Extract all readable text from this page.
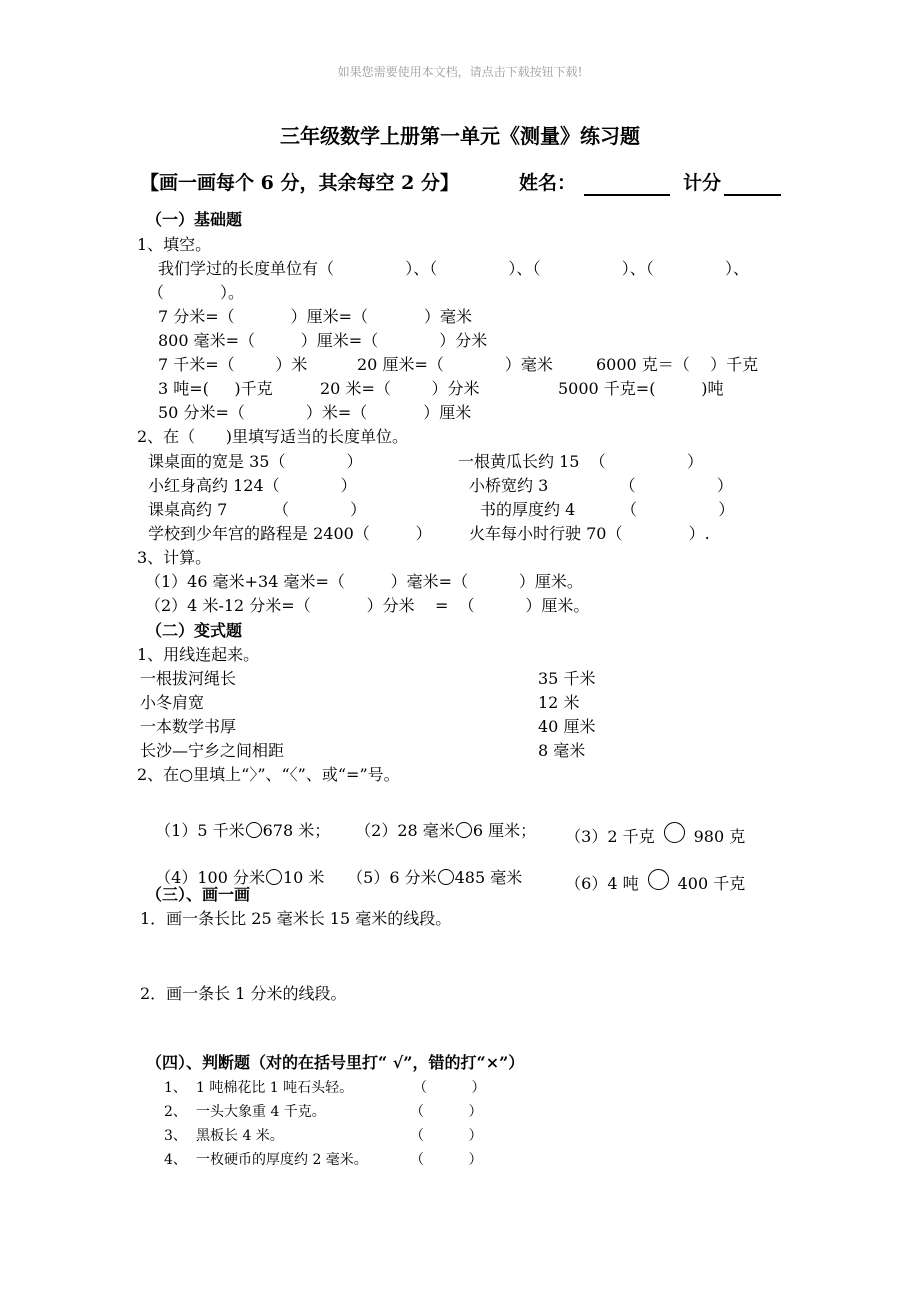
如果您需要使用本文档，请点击下载按钮下载!
三年级数学上册第一单元《测量》练习题
【画一画每个 6 分，其余每空 2 分】	姓名：	计分
（一）基础题
1、填空。
我们学过的长度单位有（              ）、（              ）、（                ）、（              ）、
（           ）。
7 分米=（           ）厘米=（           ）毫米
800 毫米=（         ）厘米=（            ）分米
7 千米=（        ）米	20 厘米=（            ）毫米	6000 克＝（    ）千克
3 吨=(     )千克	20 米=（        ）分米	5000 千克=(         )吨
50 分米=（            ）米=（           ）厘米
2、在（      )里填写适当的长度单位。
课桌面的宽是 35（            ）	一根黄瓜长约 15  （                ）
小红身高约 124（            ）	小桥宽约 3              （                ）
课桌高约 7         （            ）	书的厚度约 4         （                ）
学校到少年宫的路程是 2400（         ） 火车每小时行驶 70（             ）.
3、计算。
（1）46 毫米+34 毫米=（         ）毫米=（          ）厘米。
（2）4 米-12 分米=（           ）分米    =  （          ）厘米。
（二）变式题
1、用线连起来。
一根拔河绳长	35 千米
小冬肩宽	12 米
一本数学书厚	40 厘米
长沙—宁乡之间相距	8 毫米
2、在○里填上“〉”、“〈”、或“=”号。

（1）5 千米 678 米；	（2）28 毫米 6 厘米；	（3）2 千克 980 克

（4）100 分米 10 米	（5）6 分米 485 毫米	（6）4 吨 400 千克

（三）、画一画
1．画一条长比 25 毫米长 15 毫米的线段。
2．画一条长 1 分米的线段。
（四）、判断题（对的在括号里打“ √”，错的打“×”）
1、 1 吨棉花比 1 吨石头轻。	（          ）
2、 一头大象重 4 千克。	（          ）
3、 黑板长 4 米。	（          ）
4、 一枚硬币的厚度约 2 毫米。	（          ）
